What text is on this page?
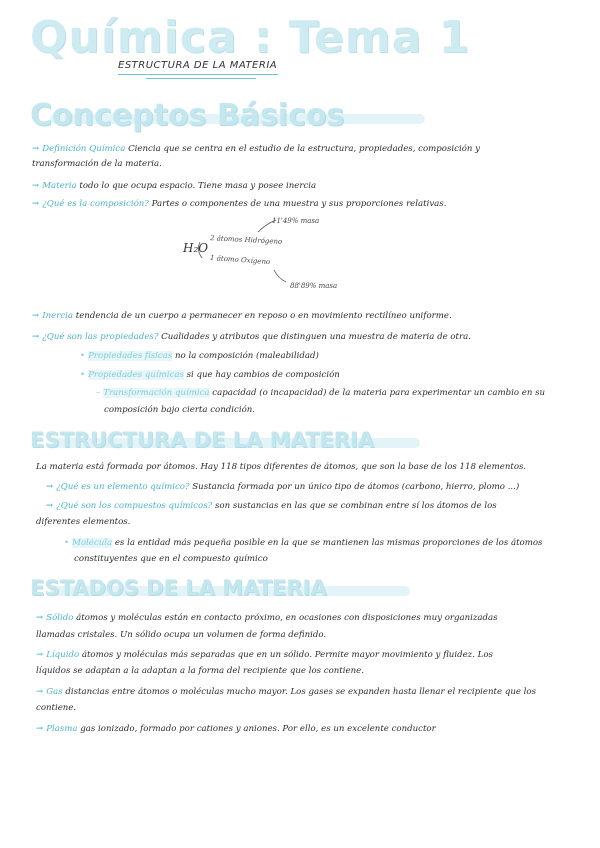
Química : Tema 1
ESTRUCTURA DE LA MATERIA
Conceptos Básicos
→ Definición Química Ciencia que se centra en el estudio de la estructura, propiedades, composición y
transformación de la materia.
→ Materia todo lo que ocupa espacio. Tiene masa y posee inercia
→ ¿Qué es la composición? Partes o componentes de una muestra y sus proporciones relativas.
H₂O
11'49% masa
2 átomos Hidrógeno
1 átomo Oxígeno
88'89% masa
→ Inercia tendencia de un cuerpo a permanecer en reposo o en movimiento rectilíneo uniforme.
→ ¿Qué son las propiedades? Cualidades y atributos que distinguen una muestra de materia de otra.
• Propiedades físicas no la composición (maleabilidad)
• Propiedades químicas si que hay cambios de composición
– Transformación química capacidad (o incapacidad) de la materia para experimentar un cambio en su
composición bajo cierta condición.
ESTRUCTURA DE LA MATERIA
La materia está formada por átomos. Hay 118 tipos diferentes de átomos, que son la base de los 118 elementos.
→ ¿Qué es un elemento químico? Sustancia formada por un único tipo de átomos (carbono, hierro, plomo ...)
→ ¿Qué son los compuestos químicos? son sustancias en las que se combinan entre sí los átomos de los
diferentes elementos.
• Molécula es la entidad más pequeña posible en la que se mantienen las mismas proporciones de los átomos
constituyentes que en el compuesto químico
ESTADOS DE LA MATERIA
→ Sólido átomos y moléculas están en contacto próximo, en ocasiones con disposiciones muy organizadas
llamadas cristales. Un sólido ocupa un volumen de forma definido.
→ Líquido átomos y moléculas más separadas que en un sólido. Permite mayor movimiento y fluidez. Los
líquidos se adaptan a la adaptan a la forma del recipiente que los contiene.
→ Gas distancias entre átomos o moléculas mucho mayor. Los gases se expanden hasta llenar el recipiente que los
contiene.
→ Plasma gas ionizado, formado por cationes y aniones. Por ello, es un excelente conductor
